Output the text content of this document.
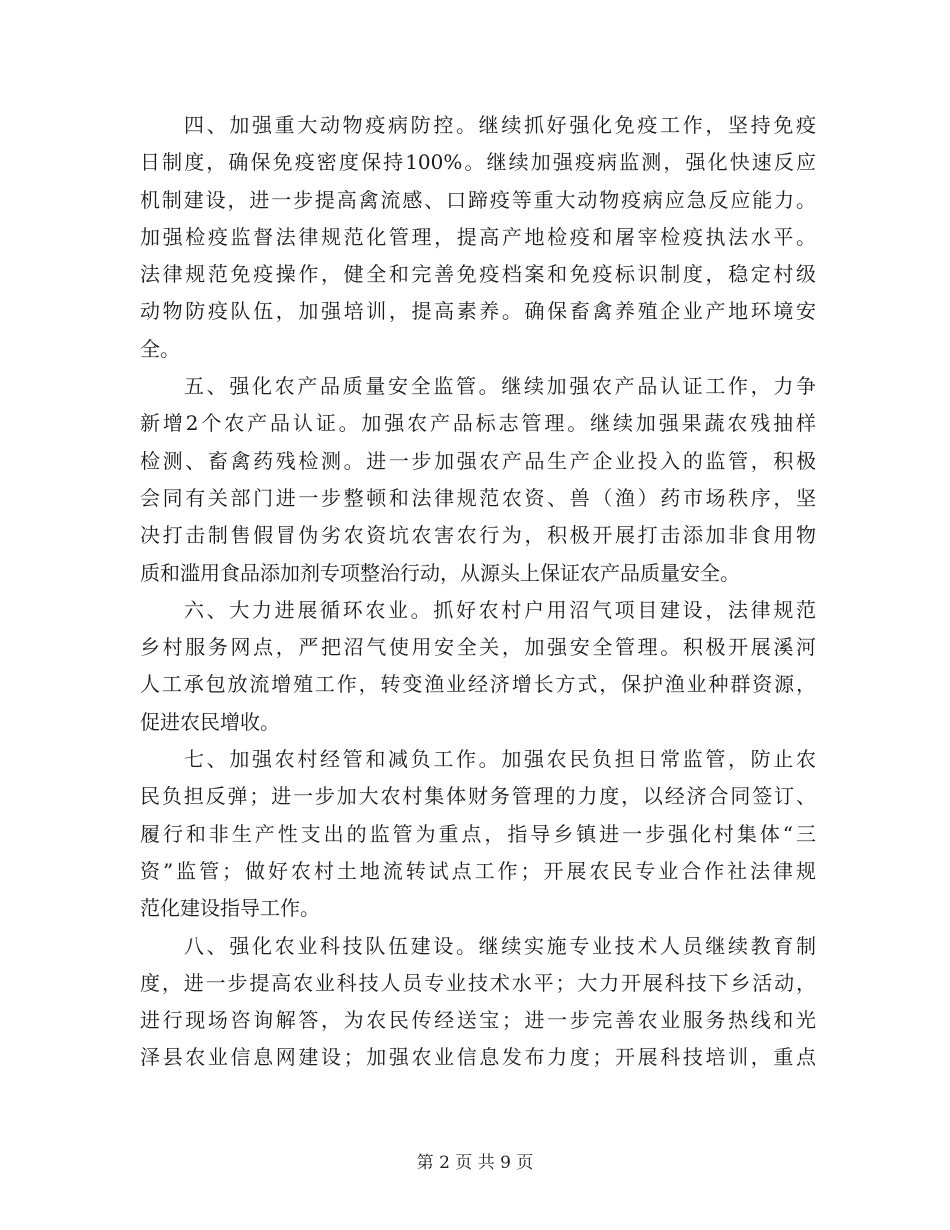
四、加强重大动物疫病防控。继续抓好强化免疫工作，坚持免疫
日制度，确保免疫密度保持100%。继续加强疫病监测，强化快速反应
机制建设，进一步提高禽流感、口蹄疫等重大动物疫病应急反应能力。
加强检疫监督法律规范化管理，提高产地检疫和屠宰检疫执法水平。
法律规范免疫操作，健全和完善免疫档案和免疫标识制度，稳定村级
动物防疫队伍，加强培训，提高素养。确保畜禽养殖企业产地环境安
全。
五、强化农产品质量安全监管。继续加强农产品认证工作，力争
新增2个农产品认证。加强农产品标志管理。继续加强果蔬农残抽样
检测、畜禽药残检测。进一步加强农产品生产企业投入的监管，积极
会同有关部门进一步整顿和法律规范农资、兽（渔）药市场秩序，坚
决打击制售假冒伪劣农资坑农害农行为，积极开展打击添加非食用物
质和滥用食品添加剂专项整治行动，从源头上保证农产品质量安全。
六、大力进展循环农业。抓好农村户用沼气项目建设，法律规范
乡村服务网点，严把沼气使用安全关，加强安全管理。积极开展溪河
人工承包放流增殖工作，转变渔业经济增长方式，保护渔业种群资源，
促进农民增收。
七、加强农村经管和减负工作。加强农民负担日常监管，防止农
民负担反弹；进一步加大农村集体财务管理的力度，以经济合同签订、
履行和非生产性支出的监管为重点，指导乡镇进一步强化村集体“三
资”监管；做好农村土地流转试点工作；开展农民专业合作社法律规
范化建设指导工作。
八、强化农业科技队伍建设。继续实施专业技术人员继续教育制
度，进一步提高农业科技人员专业技术水平；大力开展科技下乡活动，
进行现场咨询解答，为农民传经送宝；进一步完善农业服务热线和光
泽县农业信息网建设；加强农业信息发布力度；开展科技培训，重点
第 2 页 共 9 页
